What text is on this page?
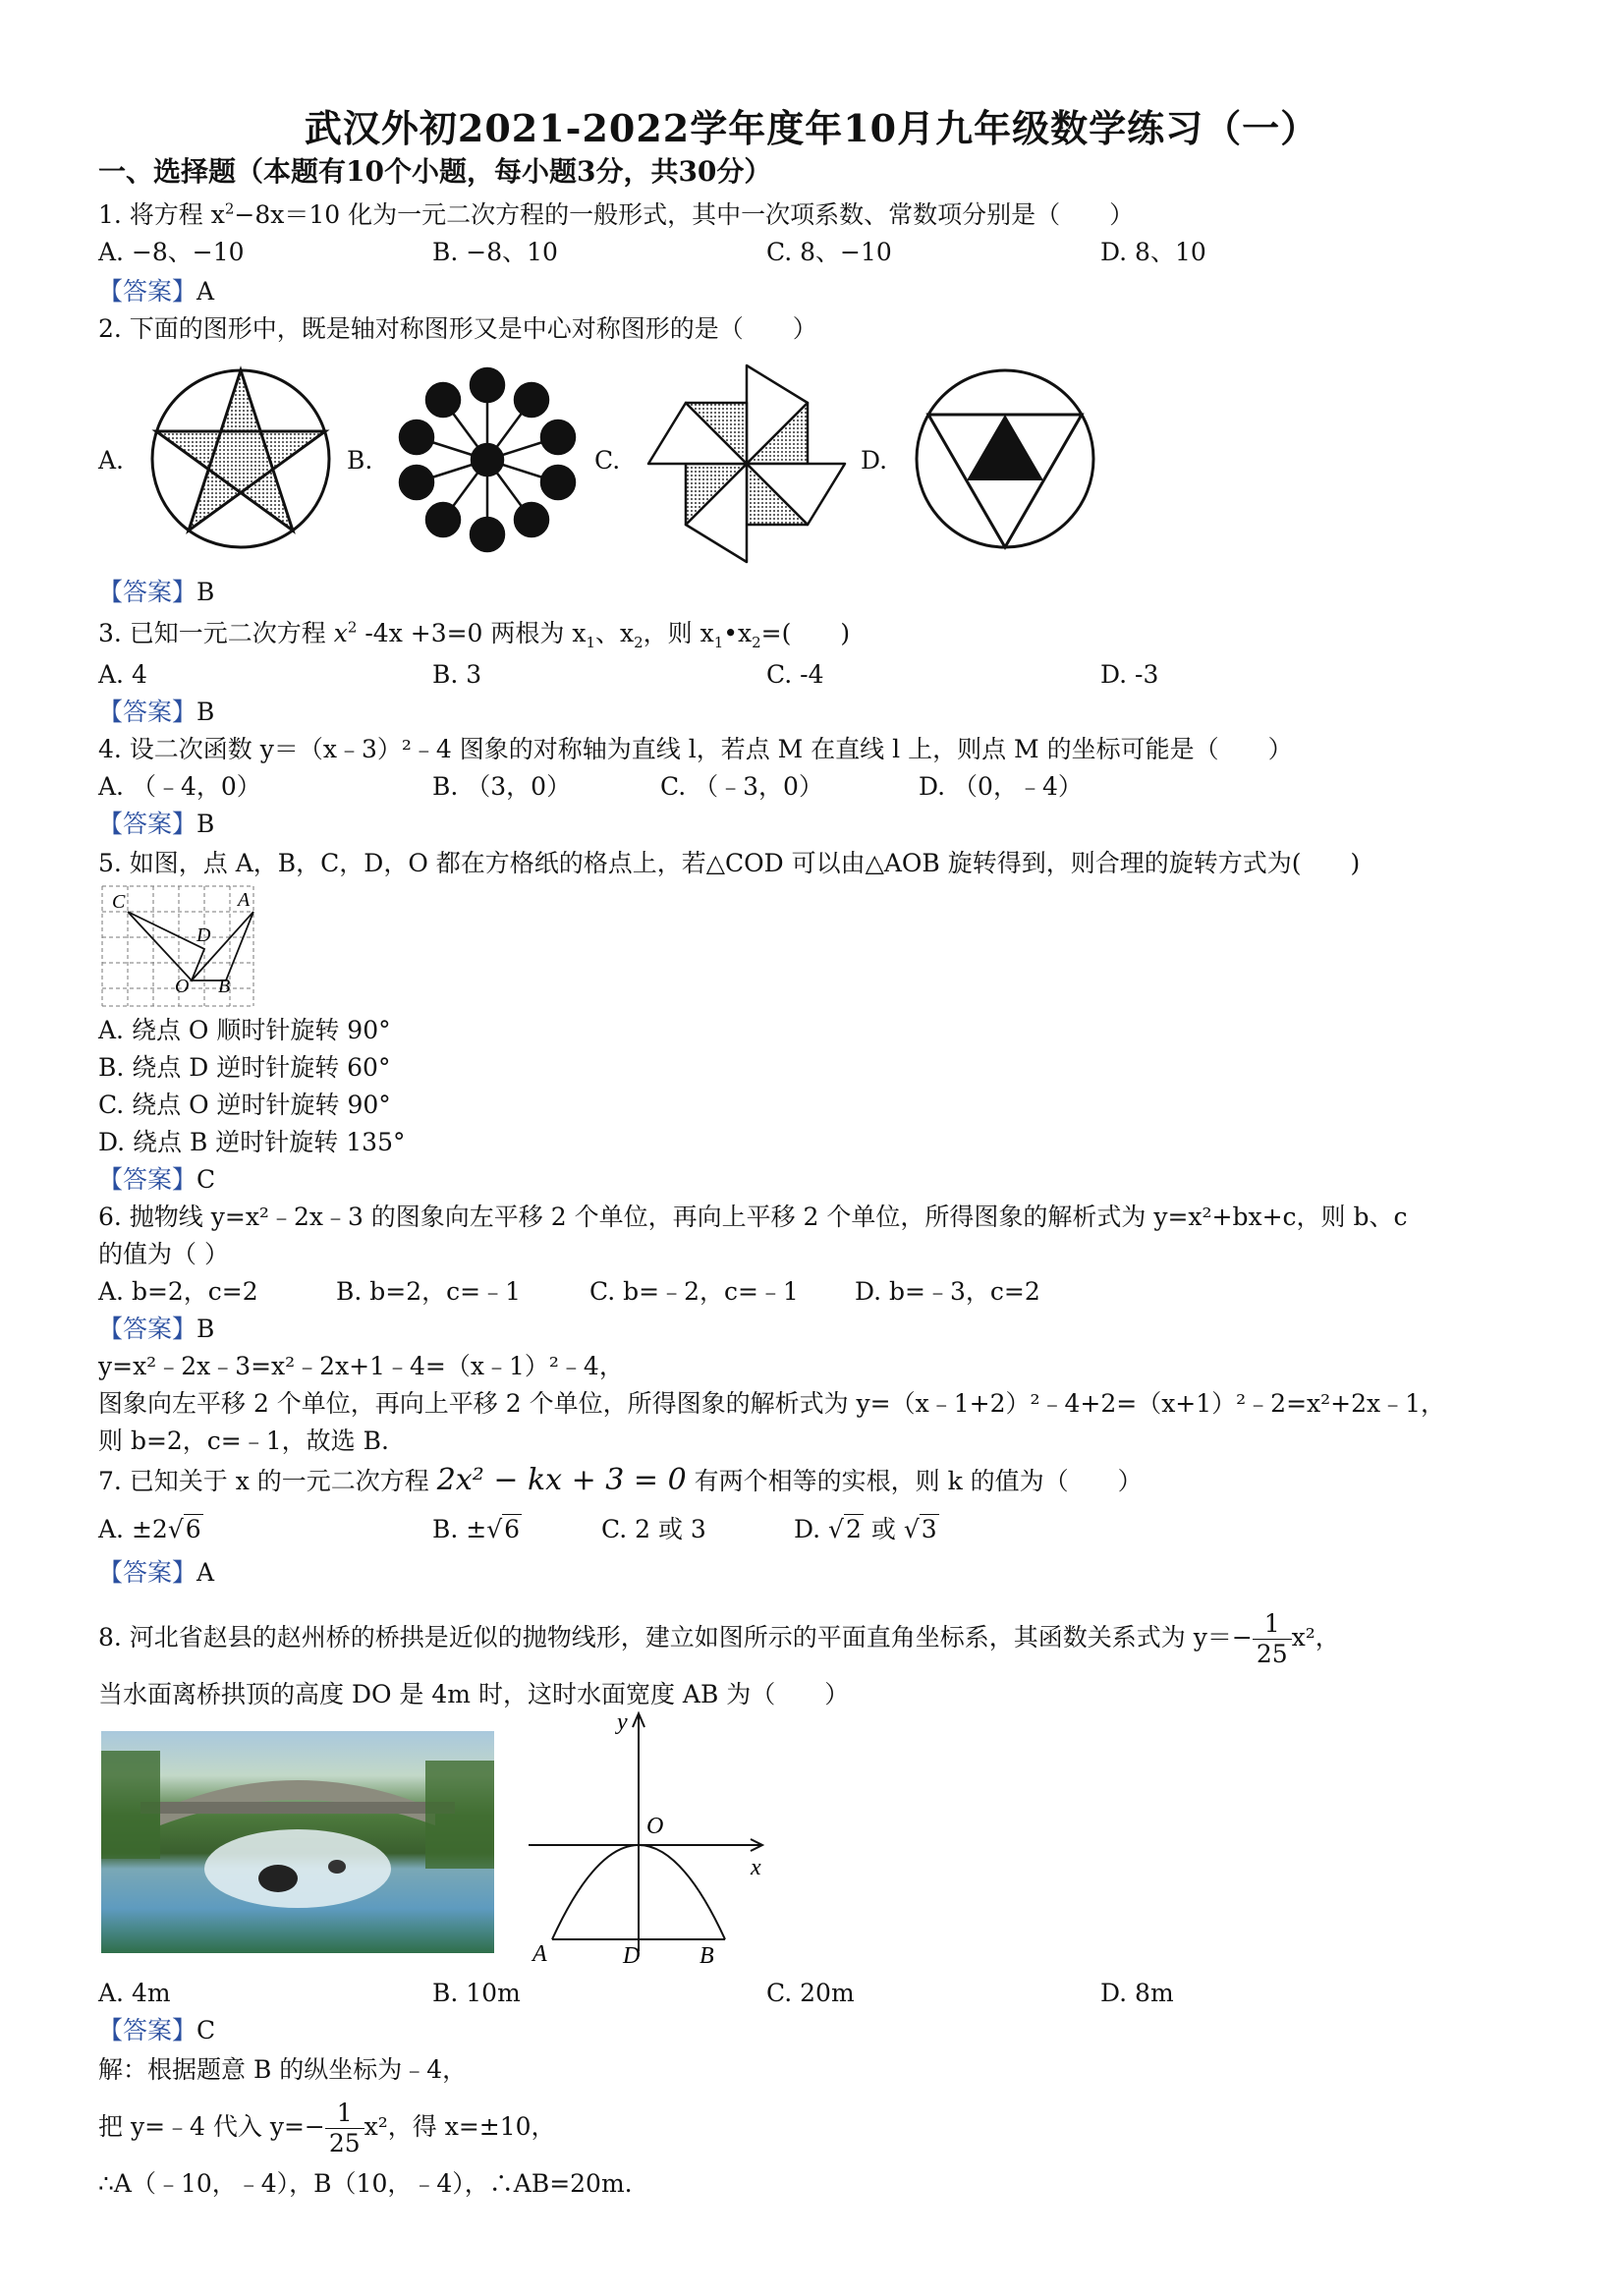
武汉外初2021-2022学年度年10月九年级数学练习（一）
一、选择题（本题有10个小题，每小题3分，共30分）
1. 将方程 $x^2-8x=10$ 化为一元二次方程的一般形式，其中一次项系数、常数项分别是（　　）
A. −8、−10	B. −8、10	C. 8、−10	D. 8、10
【答案】A
2. 下面的图形中，既是轴对称图形又是中心对称图形的是（　　）
A.	B.	C.	D.
【答案】B
3. 已知一元二次方程 $x^2$ -4x +3=0 两根为 $x_1$、$x_2$，则 $x_1•x_2=$(　　)
A. 4	B. 3	C. -4	D. -3
【答案】B
4. 设二次函数 y＝（x﹣3）²﹣4 图象的对称轴为直线 l，若点 M 在直线 l 上，则点 M 的坐标可能是（　　）
A. （﹣4，0）	B. （3，0）	C. （﹣3，0）	D. （0，﹣4）
【答案】B
5. 如图，点 A，B，C，D，O 都在方格纸的格点上，若△COD 可以由△AOB 旋转得到，则合理的旋转方式为(　　)
C	A
D
O B
A. 绕点 O 顺时针旋转 90°
B. 绕点 D 逆时针旋转 60°
C. 绕点 O 逆时针旋转 90°
D. 绕点 B 逆时针旋转 135°
【答案】C
6. 抛物线 y=x²﹣2x﹣3 的图象向左平移 2 个单位，再向上平移 2 个单位，所得图象的解析式为 y=x²+bx+c，则 b、c
的值为（ ）
A. b=2，c=2	B. b=2，c=﹣1	C. b=﹣2，c=﹣1 D. b=﹣3，c=2
【答案】B
y=x²﹣2x﹣3=x²﹣2x+1﹣4=（x﹣1）²﹣4，
图象向左平移 2 个单位，再向上平移 2 个单位，所得图象的解析式为 y=（x﹣1+2）²﹣4+2=（x+1）²﹣2=x²+2x﹣1，
则 b=2，c=﹣1，故选 B.
7. 已知关于 x 的一元二次方程 2x² − kx + 3 = 0 有两个相等的实根，则 k 的值为（　　）
A. ±2√6	B. ±√6	C. 2 或 3	D. √2 或 √3
【答案】A
8. 河北省赵县的赵州桥的桥拱是近似的抛物线形，建立如图所示的平面直角坐标系，其函数关系式为 $y=- \frac{1}{25} x^2$，
当水面离桥拱顶的高度 DO 是 4m 时，这时水面宽度 AB 为（　　）
y
O
x
A	D	B
A. 4m	B. 10m	C. 20m	D. 8m
【答案】C
解：根据题意 B 的纵坐标为﹣4，
把 y=﹣4 代入 $y=- \frac{1}{25} x^2$，得 x=±10，
∴A（﹣10，﹣4），B（10，﹣4），∴AB=20m.
